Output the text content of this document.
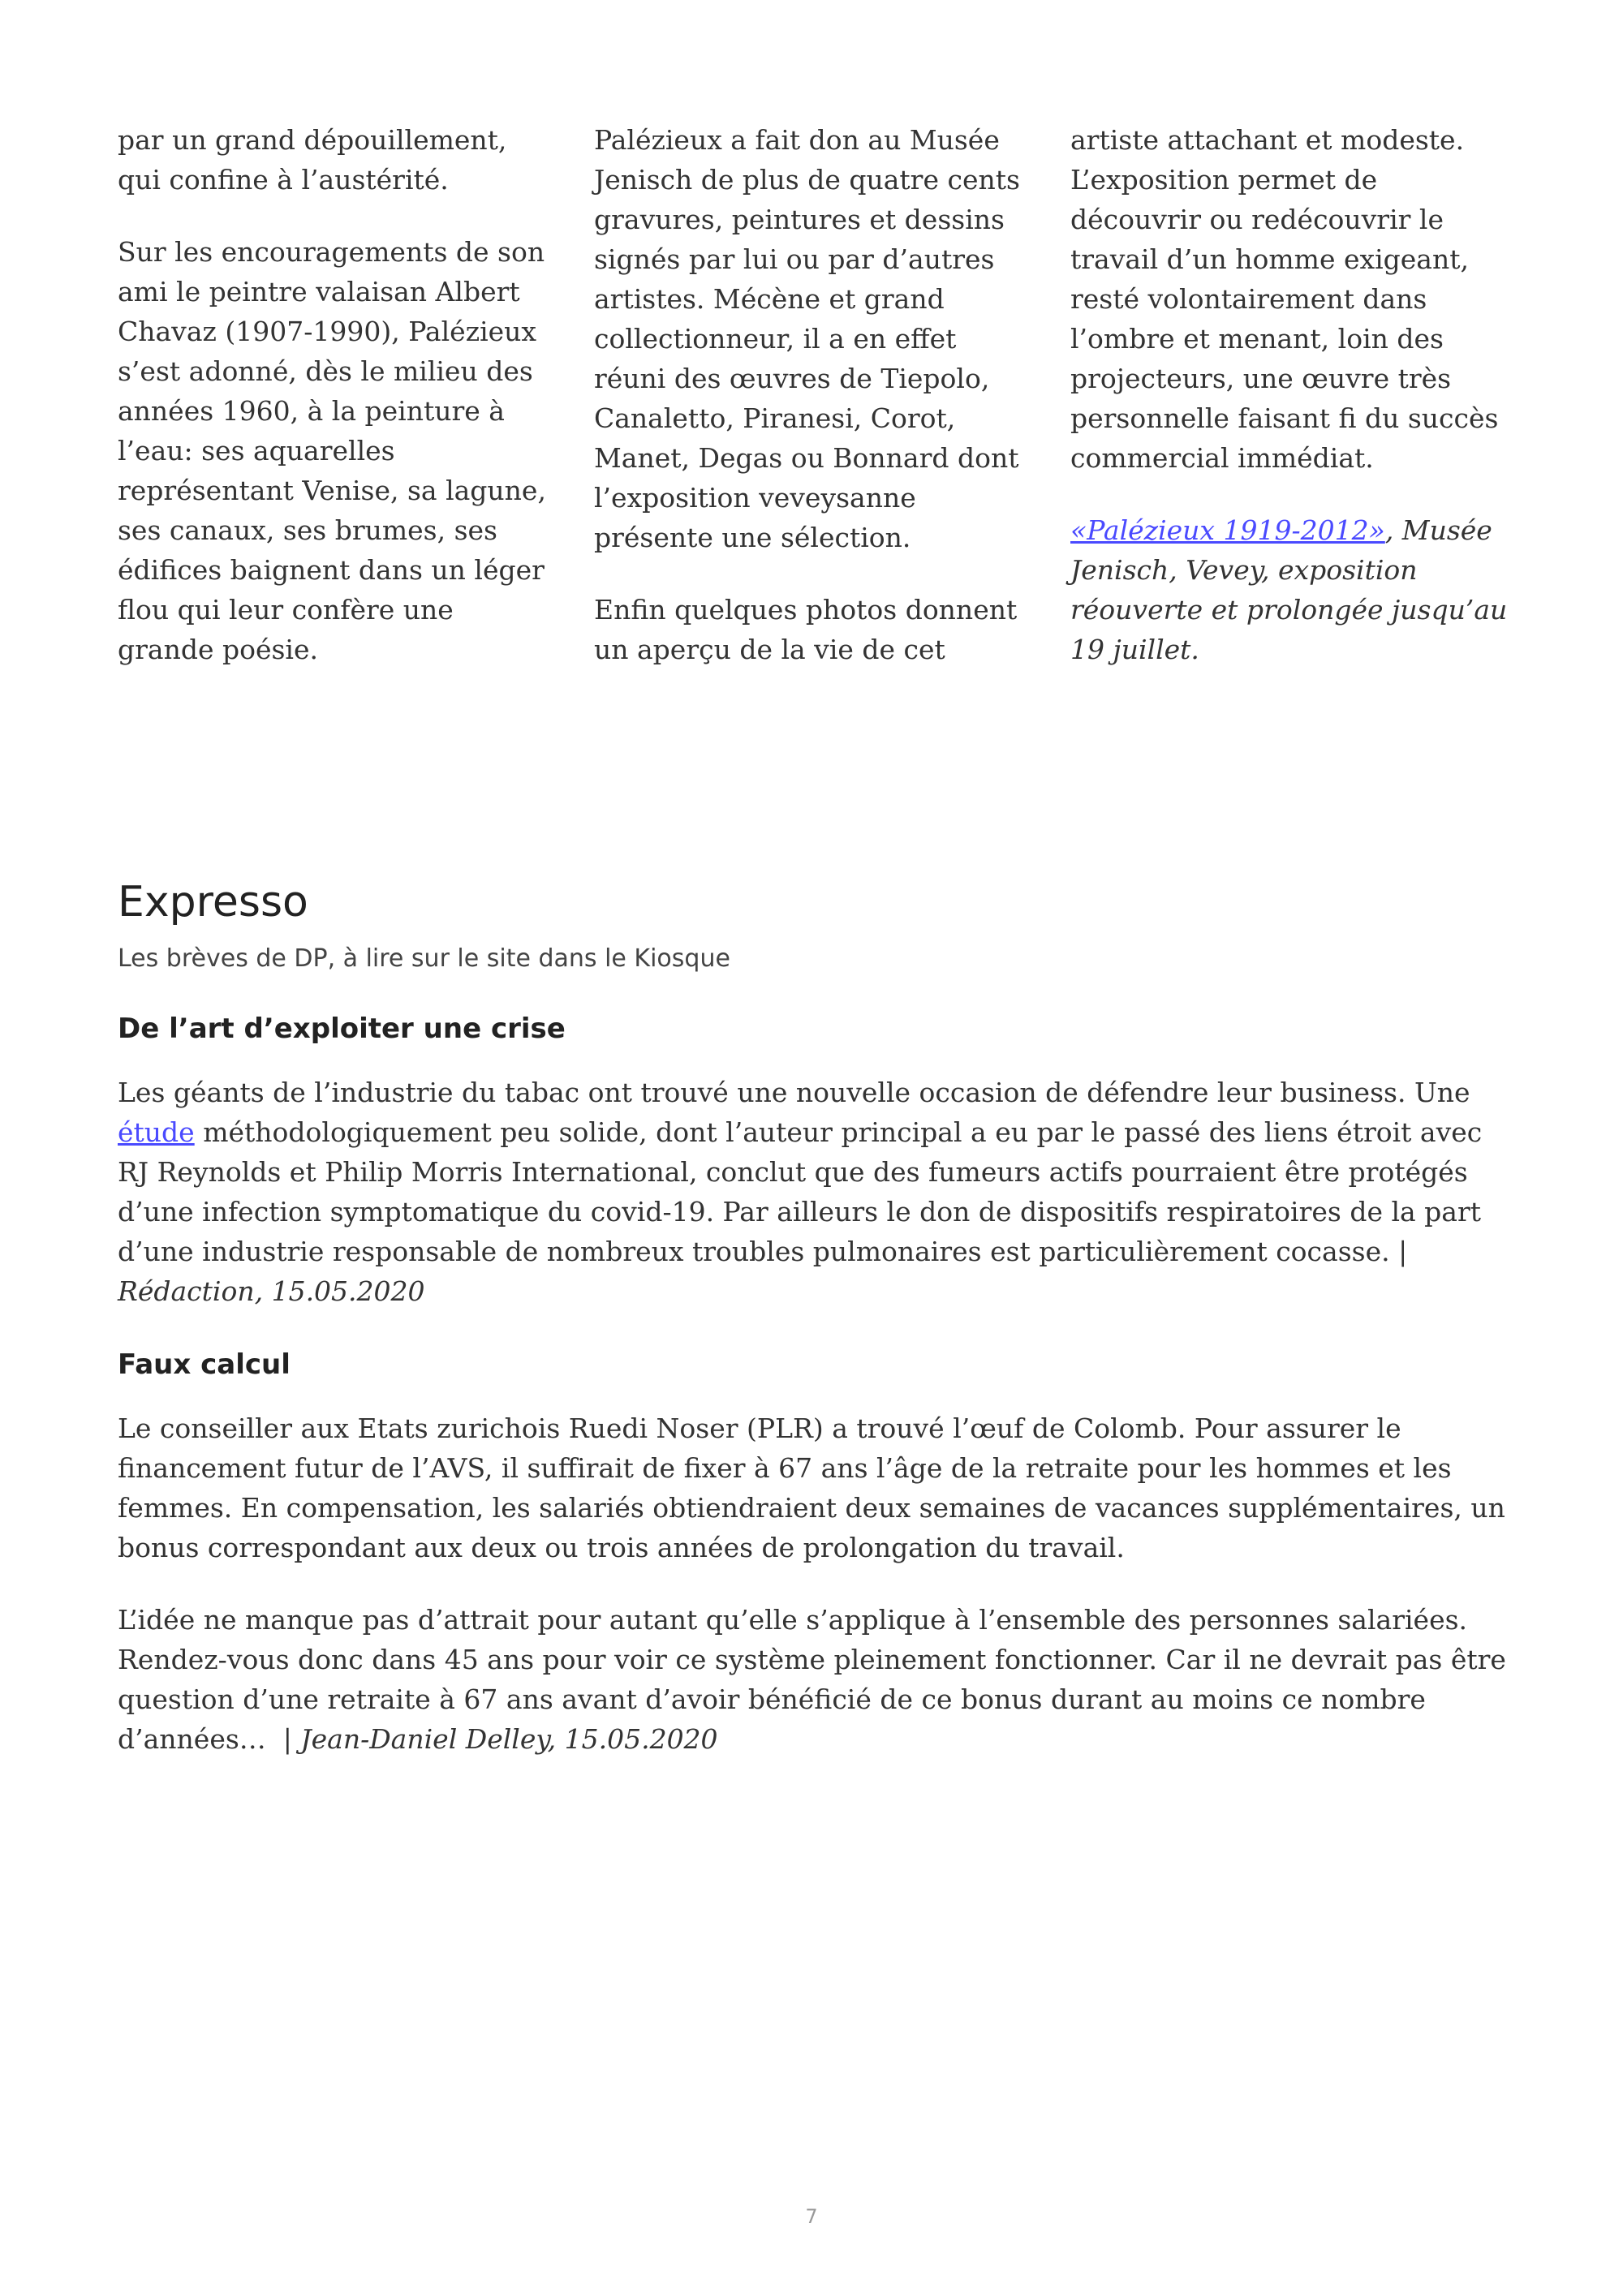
par un grand dépouillement, qui confine à l’austérité.

Sur les encouragements de son ami le peintre valaisan Albert Chavaz (1907-1990), Palézieux s’est adonné, dès le milieu des années 1960, à la peinture à l’eau: ses aquarelles représentant Venise, sa lagune, ses canaux, ses brumes, ses édifices baignent dans un léger flou qui leur confère une grande poésie.

Palézieux a fait don au Musée Jenisch de plus de quatre cents gravures, peintures et dessins signés par lui ou par d’autres artistes. Mécène et grand collectionneur, il a en effet réuni des œuvres de Tiepolo, Canaletto, Piranesi, Corot, Manet, Degas ou Bonnard dont l’exposition veveysanne présente une sélection.

Enfin quelques photos donnent un aperçu de la vie de cet

artiste attachant et modeste. L’exposition permet de découvrir ou redécouvrir le travail d’un homme exigeant, resté volontairement dans l’ombre et menant, loin des projecteurs, une œuvre très personnelle faisant fi du succès commercial immédiat.

«Palézieux 1919-2012», Musée Jenisch, Vevey, exposition réouverte et prolongée jusqu’au 19 juillet.

Expresso

Les brèves de DP, à lire sur le site dans le Kiosque

De l’art d’exploiter une crise

Les géants de l’industrie du tabac ont trouvé une nouvelle occasion de défendre leur business. Une étude méthodologiquement peu solide, dont l’auteur principal a eu par le passé des liens étroit avec RJ Reynolds et Philip Morris International, conclut que des fumeurs actifs pourraient être protégés d’une infection symptomatique du covid-19. Par ailleurs le don de dispositifs respiratoires de la part d’une industrie responsable de nombreux troubles pulmonaires est particulièrement cocasse. | Rédaction, 15.05.2020

Faux calcul

Le conseiller aux Etats zurichois Ruedi Noser (PLR) a trouvé l’œuf de Colomb. Pour assurer le financement futur de l’AVS, il suffirait de fixer à 67 ans l’âge de la retraite pour les hommes et les femmes. En compensation, les salariés obtiendraient deux semaines de vacances supplémentaires, un bonus correspondant aux deux ou trois années de prolongation du travail.

L’idée ne manque pas d’attrait pour autant qu’elle s’applique à l’ensemble des personnes salariées. Rendez-vous donc dans 45 ans pour voir ce système pleinement fonctionner. Car il ne devrait pas être question d’une retraite à 67 ans avant d’avoir bénéficié de ce bonus durant au moins ce nombre d’années…  | Jean-Daniel Delley, 15.05.2020

7
